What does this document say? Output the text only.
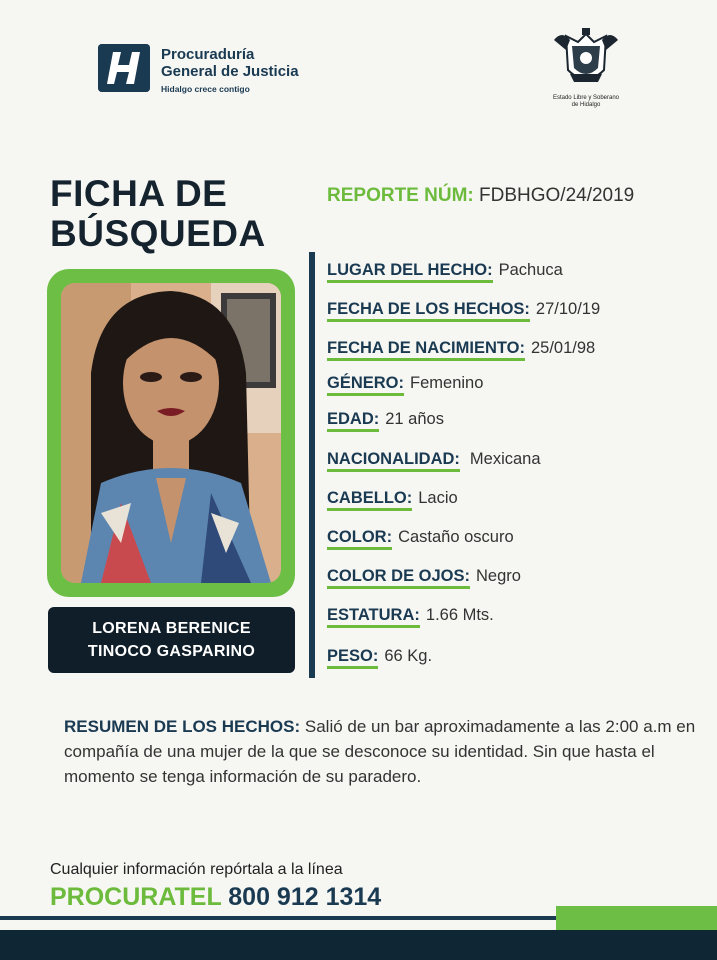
Procuraduría
General de Justicia
Hidalgo crece contigo
Estado Libre y Soberano
de Hidalgo
FICHA DE
BÚSQUEDA
REPORTE NÚM: FDBHGO/24/2019
LORENA BERENICE
TINOCO GASPARINO
LUGAR DEL HECHO: Pachuca
FECHA DE LOS HECHOS: 27/10/19
FECHA DE NACIMIENTO: 25/01/98
GÉNERO: Femenino
EDAD: 21 años
NACIONALIDAD: Mexicana
CABELLO: Lacio
COLOR: Castaño oscuro
COLOR DE OJOS: Negro
ESTATURA: 1.66 Mts.
PESO: 66 Kg.
RESUMEN DE LOS HECHOS: Salió de un bar aproximadamente a las 2:00 a.m en compañía de una mujer de la que se desconoce su identidad. Sin que hasta el momento se tenga información de su paradero.
Cualquier información repórtala a la línea
PROCURATEL 800 912 1314
